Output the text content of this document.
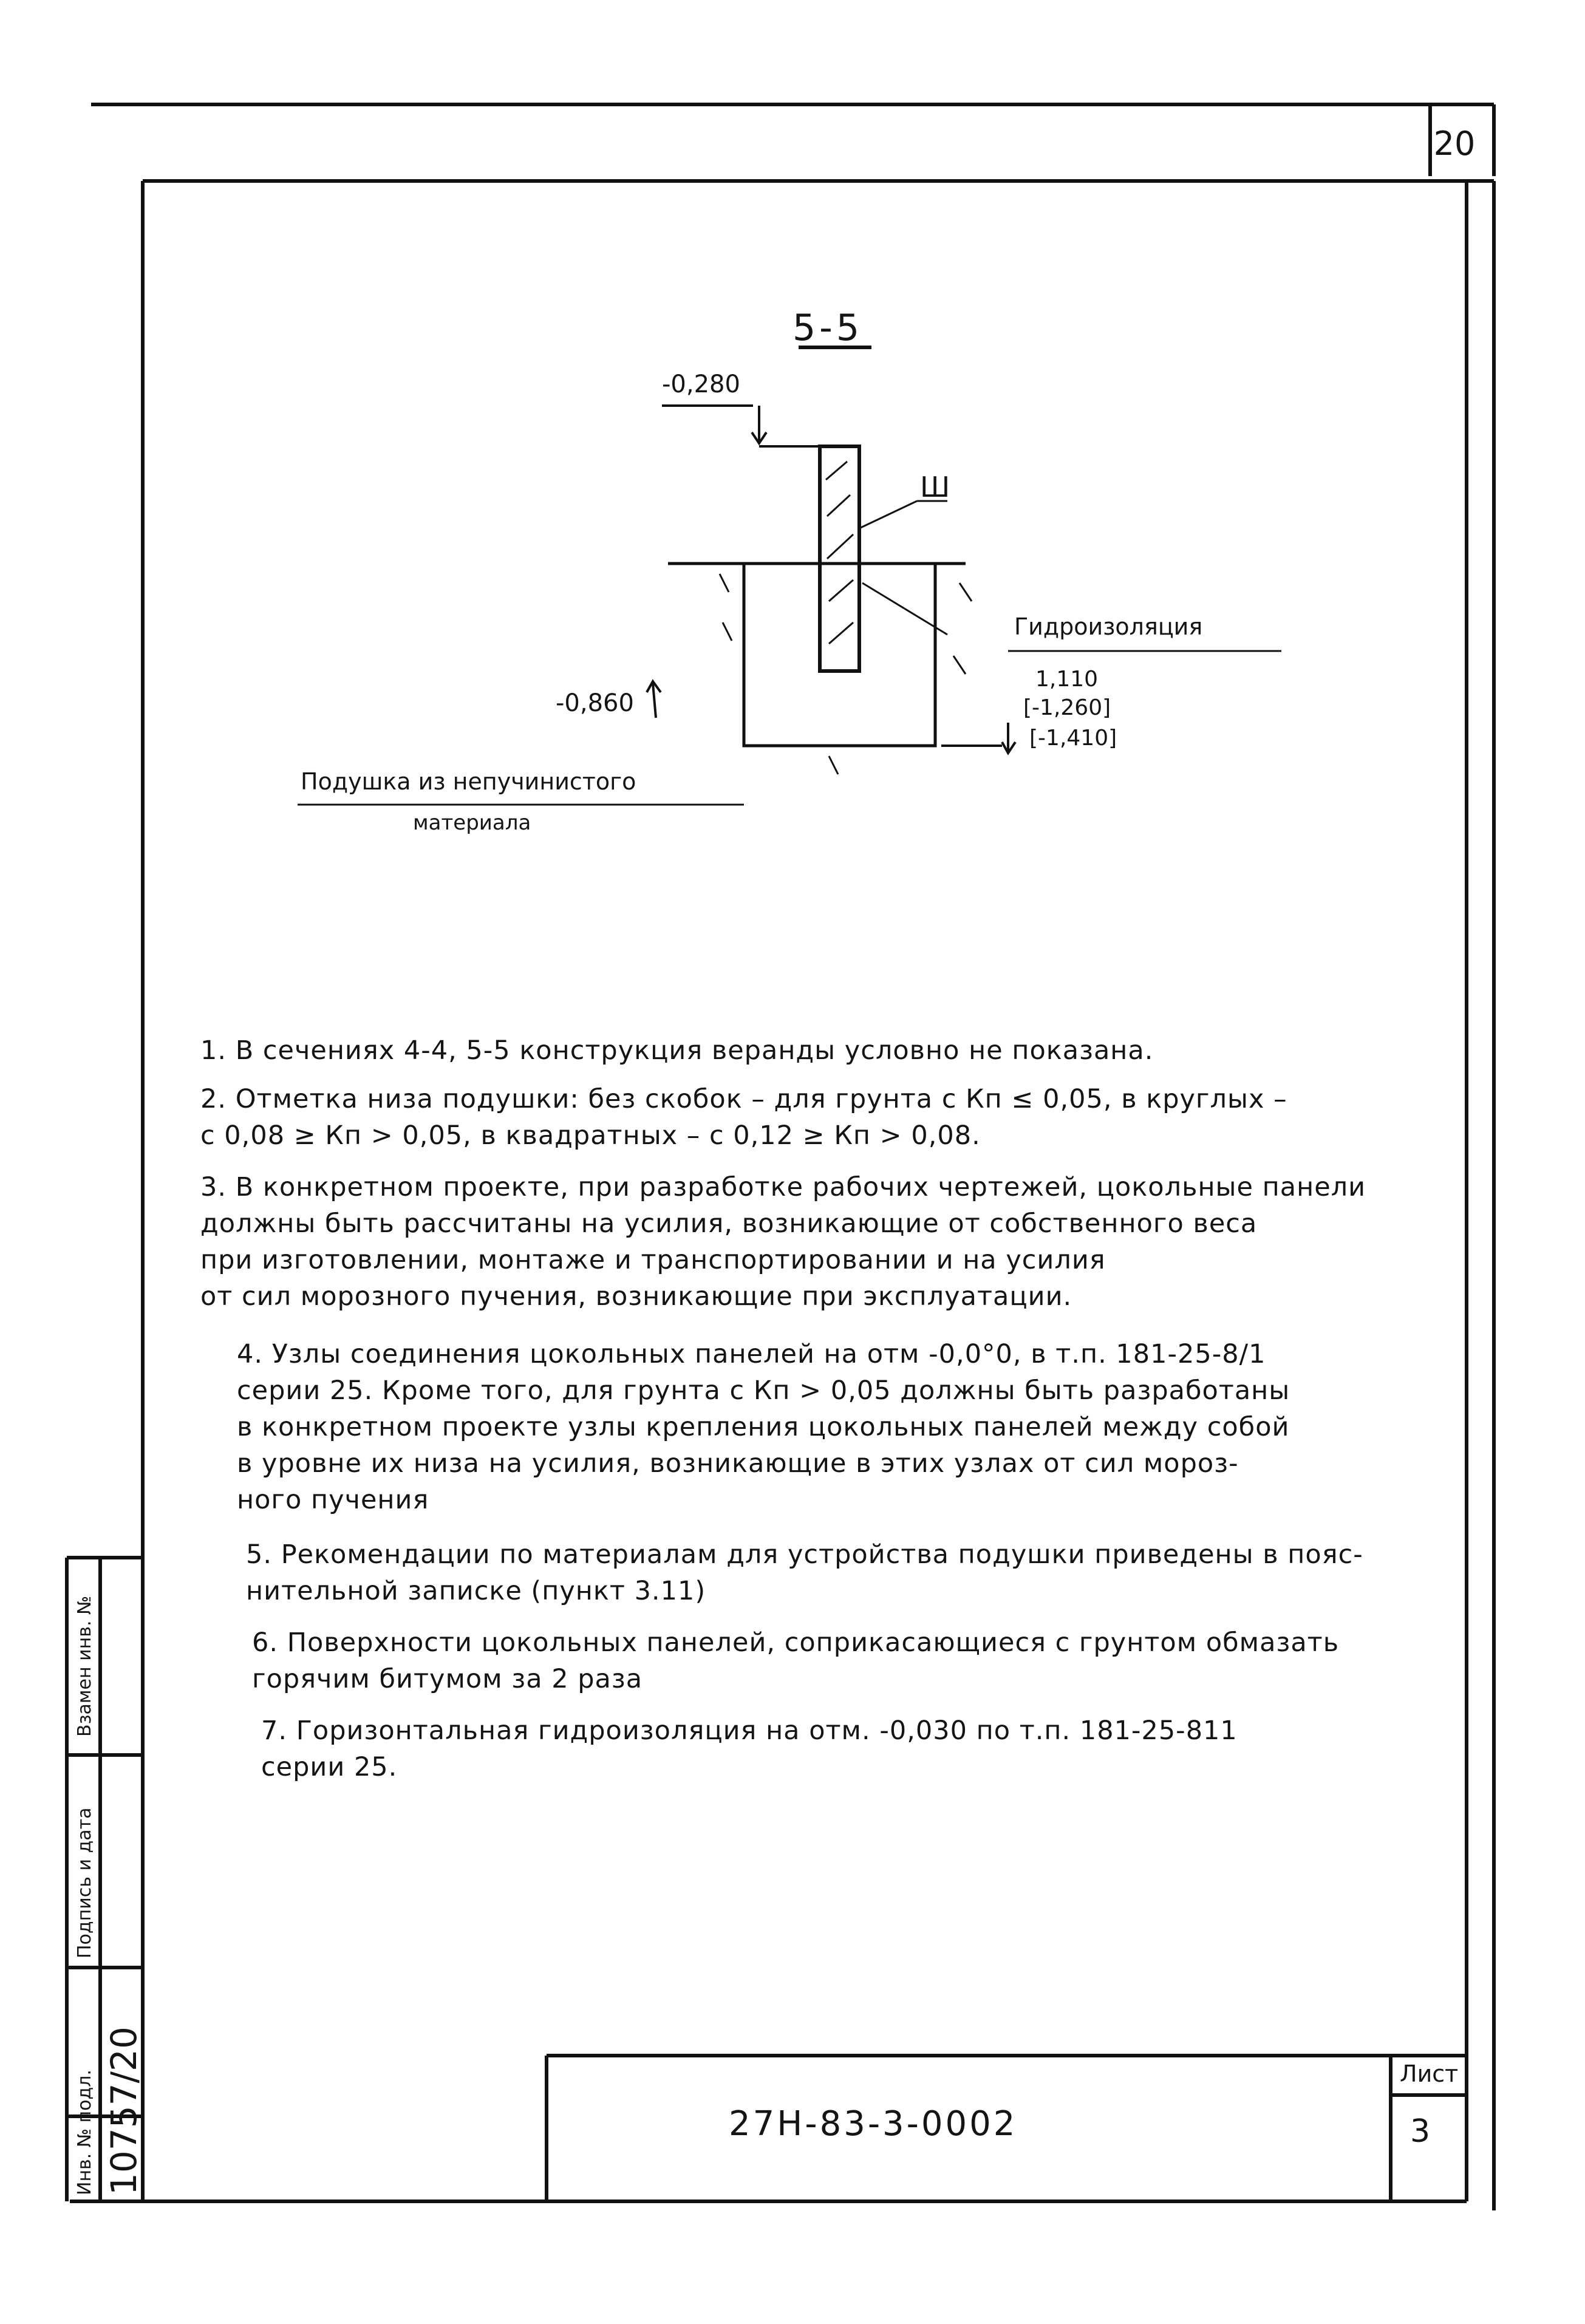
20
5-5
-0,280
Ш
-0,860
Гидроизоляция
1,110
[-1,260]
[-1,410]
Подушка из непучинистого
материала
1. В сечениях 4-4, 5-5 конструкция веранды условно не показана.
2. Отметка низа подушки: без скобок – для грунта с Кп ≤ 0,05, в круглых –
с 0,08 ≥ Кп > 0,05, в квадратных – с 0,12 ≥ Кп > 0,08.
3. В конкретном проекте, при разработке рабочих чертежей, цокольные панели
должны быть рассчитаны на усилия, возникающие от собственного веса
при изготовлении, монтаже и транспортировании и на усилия
от сил морозного пучения, возникающие при эксплуатации.
4. Узлы соединения цокольных панелей на отм -0,0°0, в т.п. 181-25-8/1
серии 25. Кроме того, для грунта с Кп > 0,05 должны быть разработаны
в конкретном проекте узлы крепления цокольных панелей между собой
в уровне их низа на усилия, возникающие в этих узлах от сил мороз-
ного пучения
5. Рекомендации по материалам для устройства подушки приведены в пояс-
нительной записке (пункт 3.11)
6. Поверхности цокольных панелей, соприкасающиеся с грунтом обмазать
горячим битумом за 2 раза
7. Горизонтальная гидроизоляция на отм. -0,030 по т.п. 181-25-811
серии 25.
Взамен инв. №
Подпись и дата
Инв. № подл. 10757/20	27Н-83-3-0002
Лист
3
